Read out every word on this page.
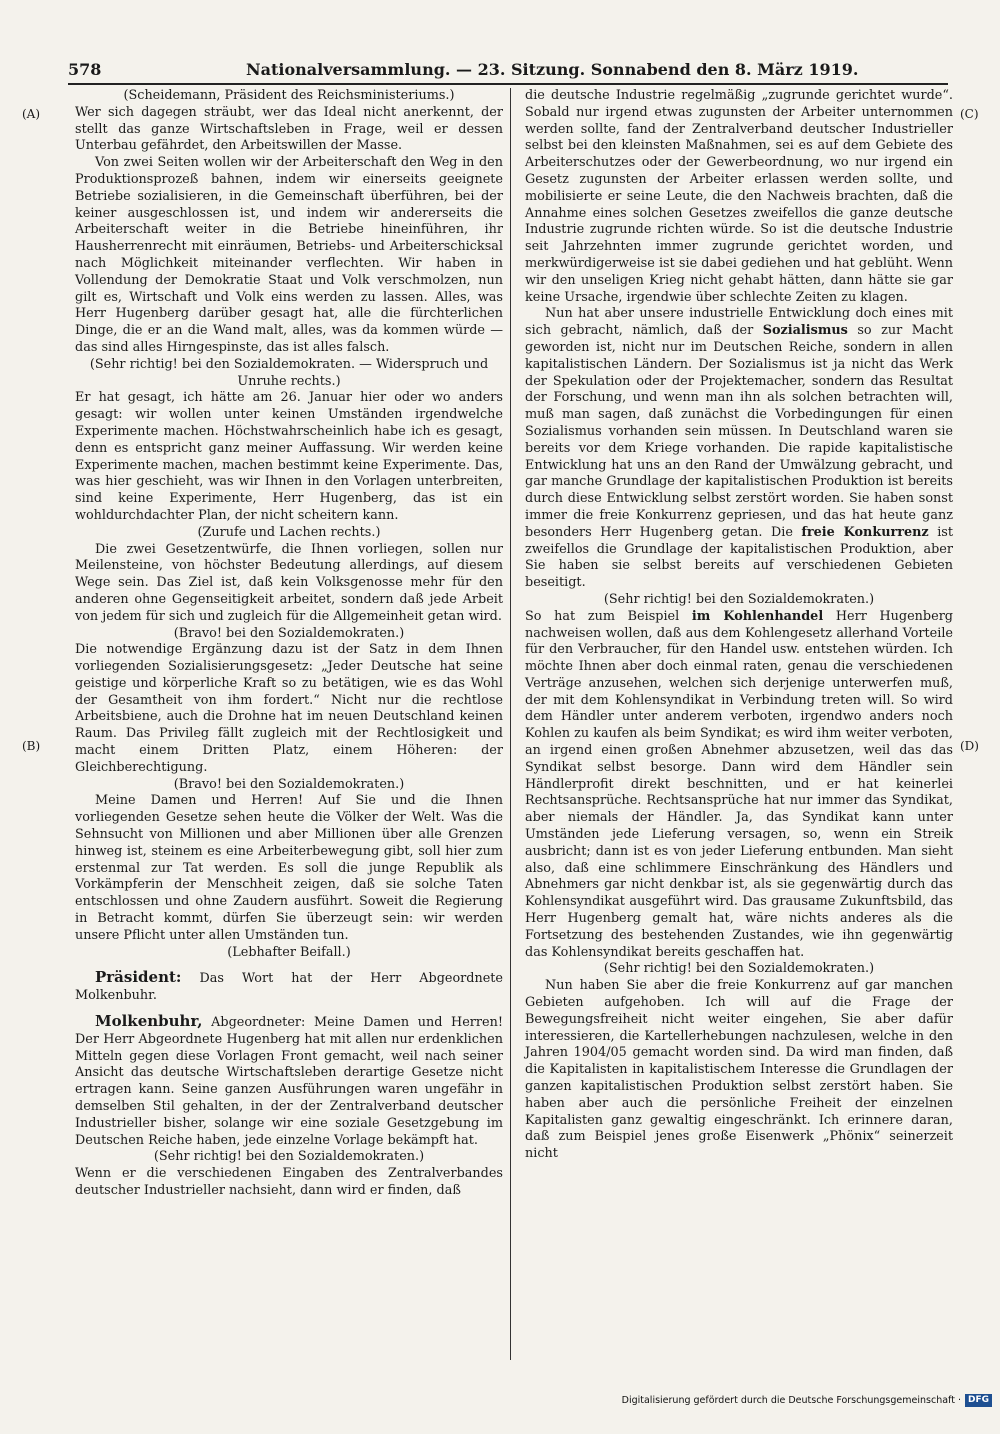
578	Nationalversammlung. — 23. Sitzung. Sonnabend den 8. März 1919.
(A)
(B)
(C)
(D)

(Scheidemann, Präsident des Reichsministeriums.)

Wer sich dagegen sträubt, wer das Ideal nicht anerkennt, der stellt das ganze Wirtschaftsleben in Frage, weil er dessen Unterbau gefährdet, den Arbeitswillen der Masse.

Von zwei Seiten wollen wir der Arbeiterschaft den Weg in den Produktionsprozeß bahnen, indem wir einerseits geeignete Betriebe sozialisieren, in die Gemeinschaft überführen, bei der keiner ausgeschlossen ist, und indem wir andererseits die Arbeiterschaft weiter in die Betriebe hineinführen, ihr Hausherrenrecht mit einräumen, Betriebs- und Arbeiterschicksal nach Möglichkeit miteinander verflechten. Wir haben in Vollendung der Demokratie Staat und Volk verschmolzen, nun gilt es, Wirtschaft und Volk eins werden zu lassen. Alles, was Herr Hugenberg darüber gesagt hat, alle die fürchterlichen Dinge, die er an die Wand malt, alles, was da kommen würde — das sind alles Hirngespinste, das ist alles falsch.

(Sehr richtig! bei den Sozialdemokraten. — Widerspruch und Unruhe rechts.)

Er hat gesagt, ich hätte am 26. Januar hier oder wo anders gesagt: wir wollen unter keinen Umständen irgendwelche Experimente machen. Höchstwahrscheinlich habe ich es gesagt, denn es entspricht ganz meiner Auffassung. Wir werden keine Experimente machen, machen bestimmt keine Experimente. Das, was hier geschieht, was wir Ihnen in den Vorlagen unterbreiten, sind keine Experimente, Herr Hugenberg, das ist ein wohldurchdachter Plan, der nicht scheitern kann.

(Zurufe und Lachen rechts.)

Die zwei Gesetzentwürfe, die Ihnen vorliegen, sollen nur Meilensteine, von höchster Bedeutung allerdings, auf diesem Wege sein. Das Ziel ist, daß kein Volksgenosse mehr für den anderen ohne Gegenseitigkeit arbeitet, sondern daß jede Arbeit von jedem für sich und zugleich für die Allgemeinheit getan wird.

(Bravo! bei den Sozialdemokraten.)

Die notwendige Ergänzung dazu ist der Satz in dem Ihnen vorliegenden Sozialisierungsgesetz: „Jeder Deutsche hat seine geistige und körperliche Kraft so zu betätigen, wie es das Wohl der Gesamtheit von ihm fordert.“ Nicht nur die rechtlose Arbeitsbiene, auch die Drohne hat im neuen Deutschland keinen Raum. Das Privileg fällt zugleich mit der Rechtlosigkeit und macht einem Dritten Platz, einem Höheren: der Gleichberechtigung.

(Bravo! bei den Sozialdemokraten.)

Meine Damen und Herren! Auf Sie und die Ihnen vorliegenden Gesetze sehen heute die Völker der Welt. Was die Sehnsucht von Millionen und aber Millionen über alle Grenzen hinweg ist, steinem es eine Arbeiterbewegung gibt, soll hier zum erstenmal zur Tat werden. Es soll die junge Republik als Vorkämpferin der Menschheit zeigen, daß sie solche Taten entschlossen und ohne Zaudern ausführt. Soweit die Regierung in Betracht kommt, dürfen Sie überzeugt sein: wir werden unsere Pflicht unter allen Umständen tun.

(Lebhafter Beifall.)

Präsident: Das Wort hat der Herr Abgeordnete Molkenbuhr.

Molkenbuhr, Abgeordneter: Meine Damen und Herren! Der Herr Abgeordnete Hugenberg hat mit allen nur erdenklichen Mitteln gegen diese Vorlagen Front gemacht, weil nach seiner Ansicht das deutsche Wirtschaftsleben derartige Gesetze nicht ertragen kann. Seine ganzen Ausführungen waren ungefähr in demselben Stil gehalten, in der der Zentralverband deutscher Industrieller bisher, solange wir eine soziale Gesetzgebung im Deutschen Reiche haben, jede einzelne Vorlage bekämpft hat.

(Sehr richtig! bei den Sozialdemokraten.)

Wenn er die verschiedenen Eingaben des Zentralverbandes deutscher Industrieller nachsieht, dann wird er finden, daß

die deutsche Industrie regelmäßig „zugrunde gerichtet wurde“. Sobald nur irgend etwas zugunsten der Arbeiter unternommen werden sollte, fand der Zentralverband deutscher Industrieller selbst bei den kleinsten Maßnahmen, sei es auf dem Gebiete des Arbeiterschutzes oder der Gewerbeordnung, wo nur irgend ein Gesetz zugunsten der Arbeiter erlassen werden sollte, und mobilisierte er seine Leute, die den Nachweis brachten, daß die Annahme eines solchen Gesetzes zweifellos die ganze deutsche Industrie zugrunde richten würde. So ist die deutsche Industrie seit Jahrzehnten immer zugrunde gerichtet worden, und merkwürdigerweise ist sie dabei gediehen und hat geblüht. Wenn wir den unseligen Krieg nicht gehabt hätten, dann hätte sie gar keine Ursache, irgendwie über schlechte Zeiten zu klagen.

Nun hat aber unsere industrielle Entwicklung doch eines mit sich gebracht, nämlich, daß der Sozialismus so zur Macht geworden ist, nicht nur im Deutschen Reiche, sondern in allen kapitalistischen Ländern. Der Sozialismus ist ja nicht das Werk der Spekulation oder der Projektemacher, sondern das Resultat der Forschung, und wenn man ihn als solchen betrachten will, muß man sagen, daß zunächst die Vorbedingungen für einen Sozialismus vorhanden sein müssen. In Deutschland waren sie bereits vor dem Kriege vorhanden. Die rapide kapitalistische Entwicklung hat uns an den Rand der Umwälzung gebracht, und gar manche Grundlage der kapitalistischen Produktion ist bereits durch diese Entwicklung selbst zerstört worden. Sie haben sonst immer die freie Konkurrenz gepriesen, und das hat heute ganz besonders Herr Hugenberg getan. Die freie Konkurrenz ist zweifellos die Grundlage der kapitalistischen Produktion, aber Sie haben sie selbst bereits auf verschiedenen Gebieten beseitigt.

(Sehr richtig! bei den Sozialdemokraten.)

So hat zum Beispiel im Kohlenhandel Herr Hugenberg nachweisen wollen, daß aus dem Kohlengesetz allerhand Vorteile für den Verbraucher, für den Handel usw. entstehen würden. Ich möchte Ihnen aber doch einmal raten, genau die verschiedenen Verträge anzusehen, welchen sich derjenige unterwerfen muß, der mit dem Kohlensyndikat in Verbindung treten will. So wird dem Händler unter anderem verboten, irgendwo anders noch Kohlen zu kaufen als beim Syndikat; es wird ihm weiter verboten, an irgend einen großen Abnehmer abzusetzen, weil das das Syndikat selbst besorge. Dann wird dem Händler sein Händlerprofit direkt beschnitten, und er hat keinerlei Rechtsansprüche. Rechtsansprüche hat nur immer das Syndikat, aber niemals der Händler. Ja, das Syndikat kann unter Umständen jede Lieferung versagen, so, wenn ein Streik ausbricht; dann ist es von jeder Lieferung entbunden. Man sieht also, daß eine schlimmere Einschränkung des Händlers und Abnehmers gar nicht denkbar ist, als sie gegenwärtig durch das Kohlensyndikat ausgeführt wird. Das grausame Zukunftsbild, das Herr Hugenberg gemalt hat, wäre nichts anderes als die Fortsetzung des bestehenden Zustandes, wie ihn gegenwärtig das Kohlensyndikat bereits geschaffen hat.

(Sehr richtig! bei den Sozialdemokraten.)

Nun haben Sie aber die freie Konkurrenz auf gar manchen Gebieten aufgehoben. Ich will auf die Frage der Bewegungsfreiheit nicht weiter eingehen, Sie aber dafür interessieren, die Kartellerhebungen nachzulesen, welche in den Jahren 1904/05 gemacht worden sind. Da wird man finden, daß die Kapitalisten in kapitalistischem Interesse die Grundlagen der ganzen kapitalistischen Produktion selbst zerstört haben. Sie haben aber auch die persönliche Freiheit der einzelnen Kapitalisten ganz gewaltig eingeschränkt. Ich erinnere daran, daß zum Beispiel jenes große Eisenwerk „Phönix“ seinerzeit nicht

Digitalisierung gefördert durch die Deutsche Forschungsgemeinschaft · DFG
